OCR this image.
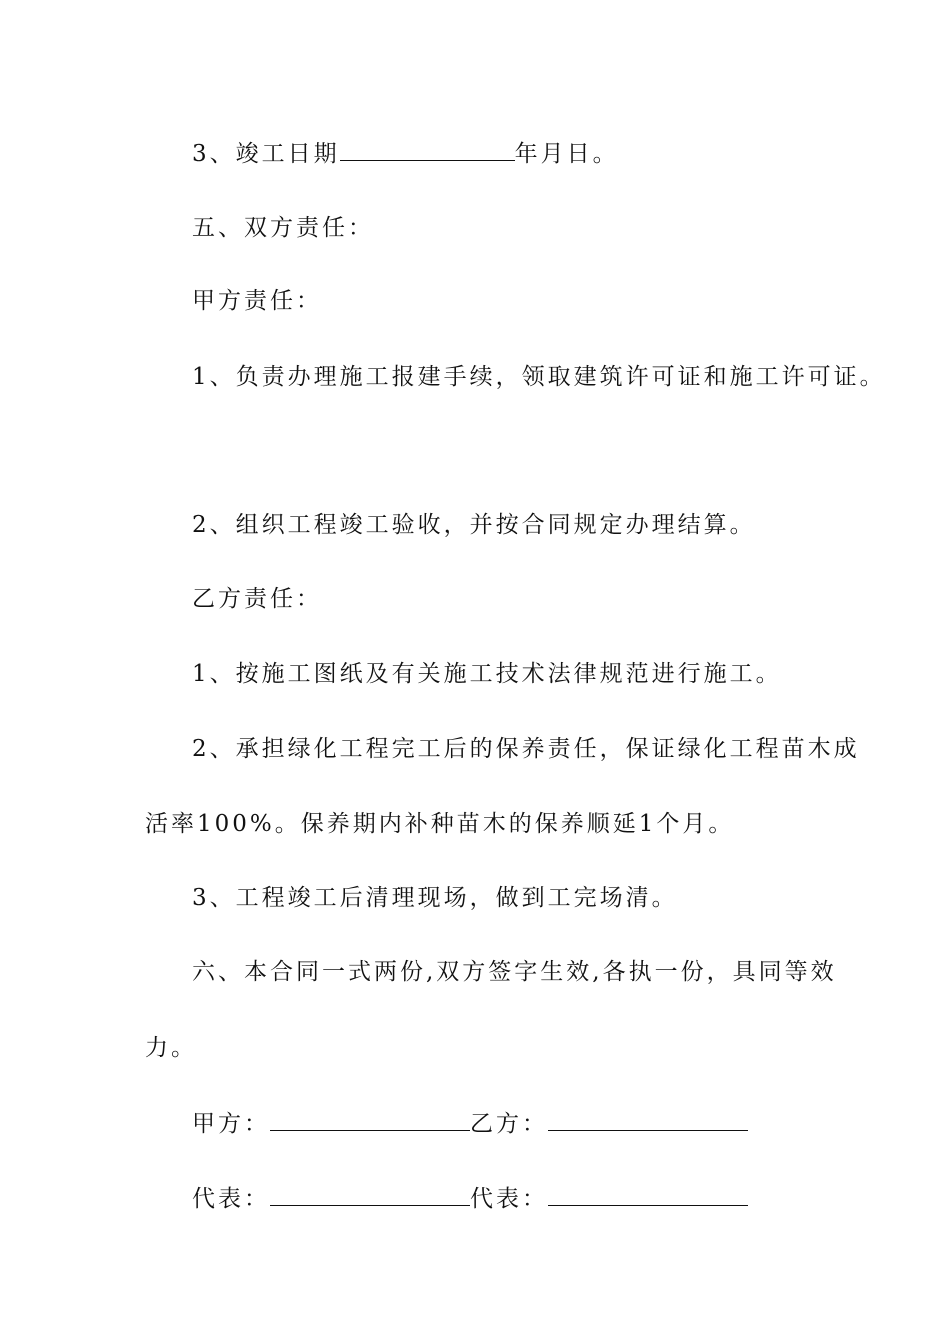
3、竣工日期	年月日。
五、双方责任：
甲方责任：
1、负责办理施工报建手续，领取建筑许可证和施工许可证。
2、组织工程竣工验收，并按合同规定办理结算。
乙方责任：
1、按施工图纸及有关施工技术法律规范进行施工。
2、承担绿化工程完工后的保养责任，保证绿化工程苗木成
活率100%。保养期内补种苗木的保养顺延1个月。
3、工程竣工后清理现场，做到工完场清。
六、本合同一式两份,双方签字生效,各执一份，具同等效
力。
甲方：	乙方：
代表：	代表：
